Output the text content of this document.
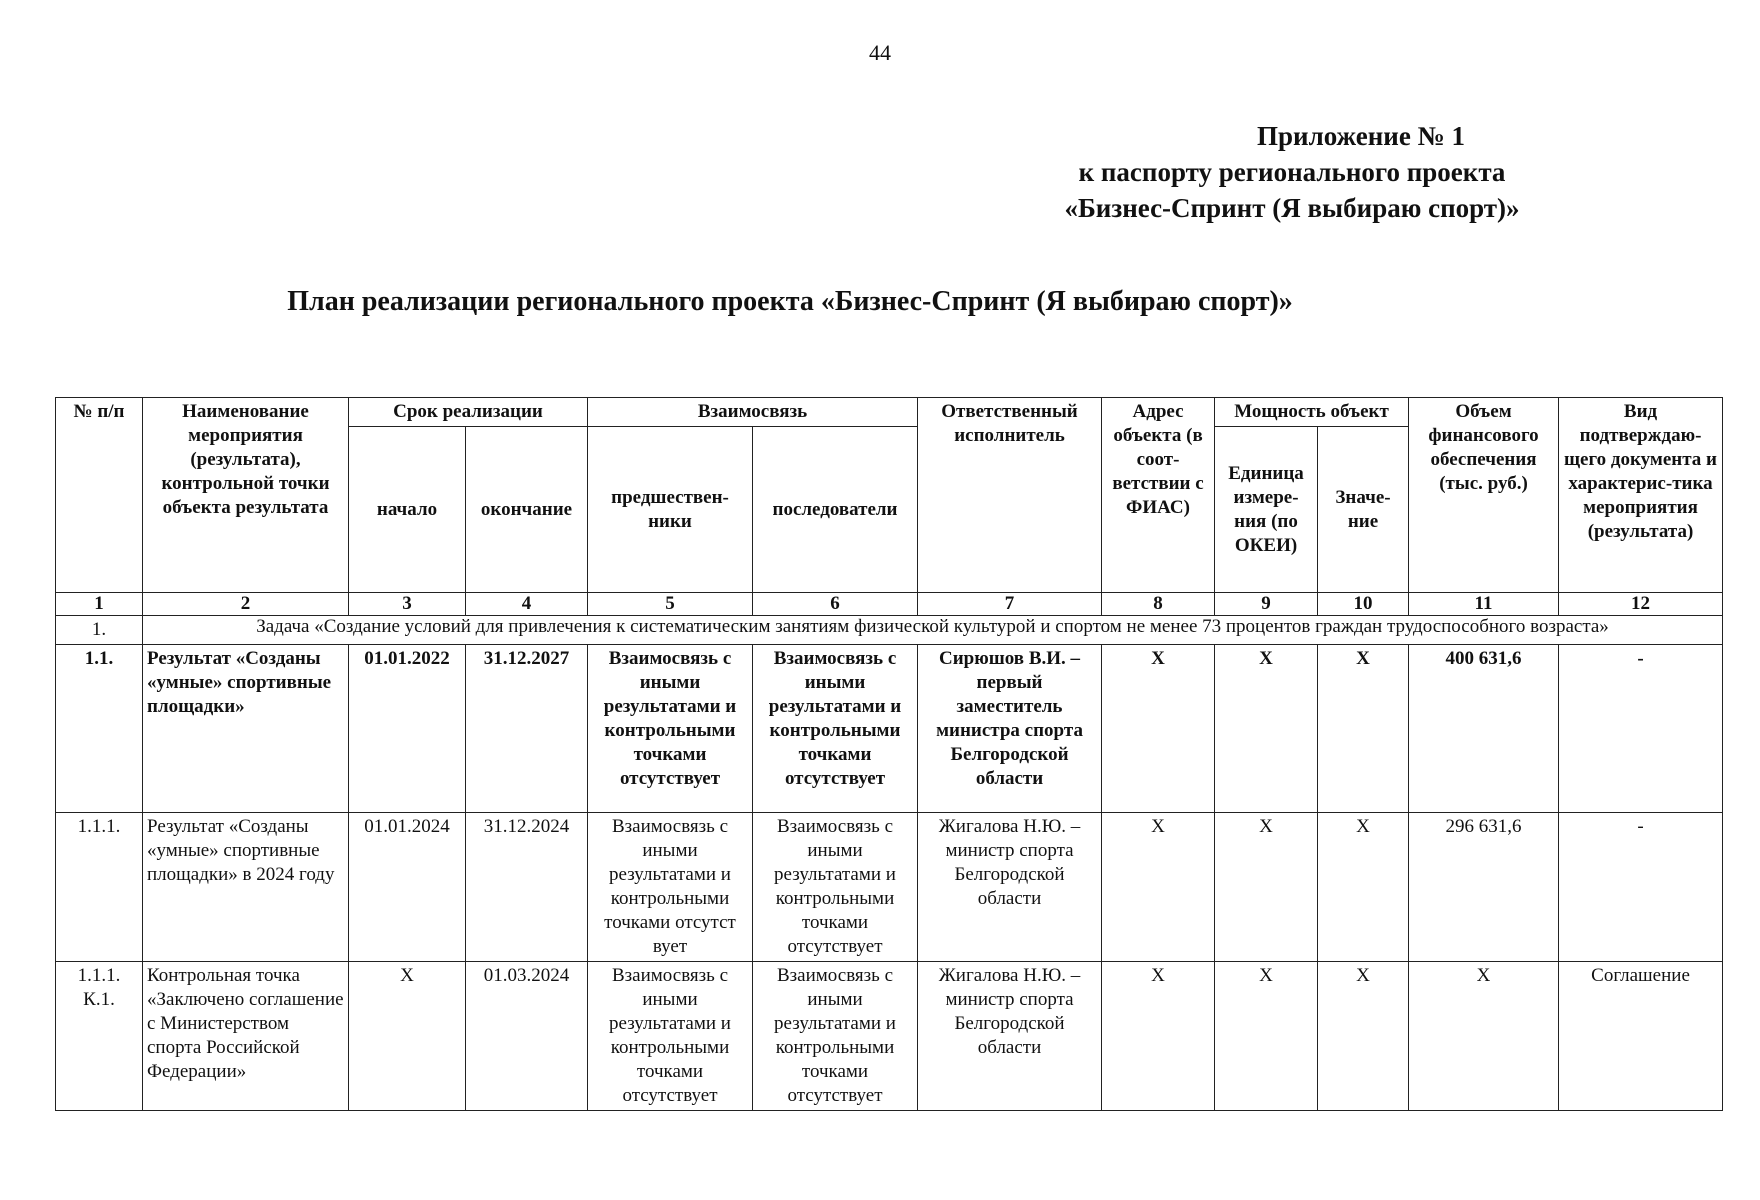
44
Приложение № 1
к паспорту регионального проекта
«Бизнес-Спринт (Я выбираю спорт)»
План реализации регионального проекта «Бизнес-Спринт (Я выбираю спорт)»
№ п/п	Наименование мероприятия (результата), контрольной точки объекта результата	Срок реализации		Взаимосвязь		Ответственный исполнитель	Адрес объекта (в соот-ветствии с ФИАС)	Мощность объект		Объем финансового обеспечения (тыс. руб.)	Вид подтверждаю-щего документа и характерис-тика мероприятия (результата)
		начало	окончание	предшествен-ники	последователи			Единица измере-ния (по ОКЕИ)	Значе-ние		
1	2	3	4	5	6	7	8	9	10	11	12
1.	Задача «Создание условий для привлечения к систематическим занятиям физической культурой и спортом не менее 73 процентов граждан трудоспособного возраста»										
1.1.	Результат «Созданы «умные» спортивные площадки»	01.01.2022	31.12.2027	Взаимосвязь с иными результатами и контрольными точками отсутствует	Взаимосвязь с иными результатами и контрольными точками отсутствует	Сирюшов В.И. – первый заместитель министра спорта Белгородской области	Х	Х	Х	400 631,6	-
1.1.1.	Результат «Созданы «умные» спортивные площадки» в 2024 году	01.01.2024	31.12.2024	Взаимосвязь с иными результатами и контрольными точками отсутст вует	Взаимосвязь с иными результатами и контрольными точками отсутствует	Жигалова Н.Ю. – министр спорта Белгородской области	Х	Х	Х	296 631,6	-
1.1.1. К.1.	Контрольная точка «Заключено соглашение с Министерством спорта Российской Федерации»	Х	01.03.2024	Взаимосвязь с иными результатами и контрольными точками отсутствует	Взаимосвязь с иными результатами и контрольными точками отсутствует	Жигалова Н.Ю. – министр спорта Белгородской области	Х	Х	Х	Х	Соглашение
